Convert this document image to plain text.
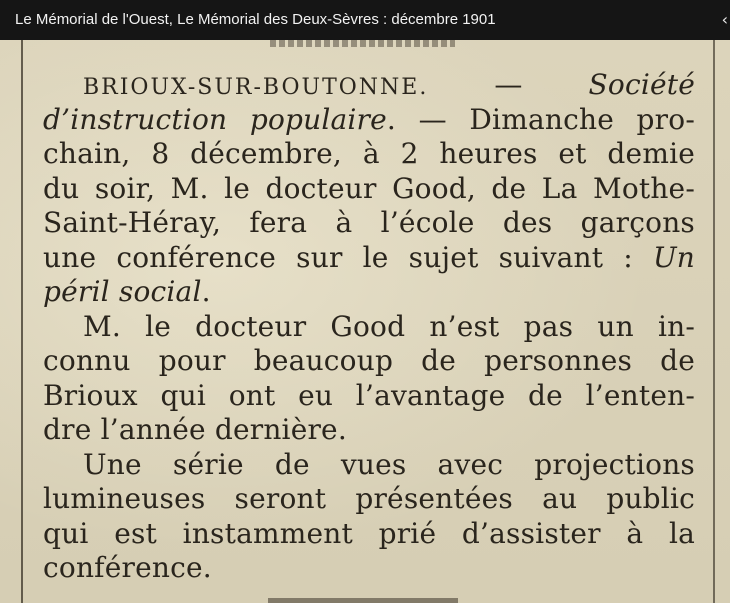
Le Mémorial de l'Ouest, Le Mémorial des Deux-Sèvres : décembre 1901	‹
BRIOUX-SUR-BOUTONNE. — Société
d’instruction populaire. — Dimanche pro-
chain, 8 décembre, à 2 heures et demie
du soir, M. le docteur Good, de La Mothe-
Saint-Héray, fera à l’école des garçons
une conférence sur le sujet suivant : Un
péril social.
M. le docteur Good n’est pas un in-
connu pour beaucoup de personnes de
Brioux qui ont eu l’avantage de l’enten-
dre l’année dernière.
Une série de vues avec projections
lumineuses seront présentées au public
qui est instamment prié d’assister à la
conférence.
